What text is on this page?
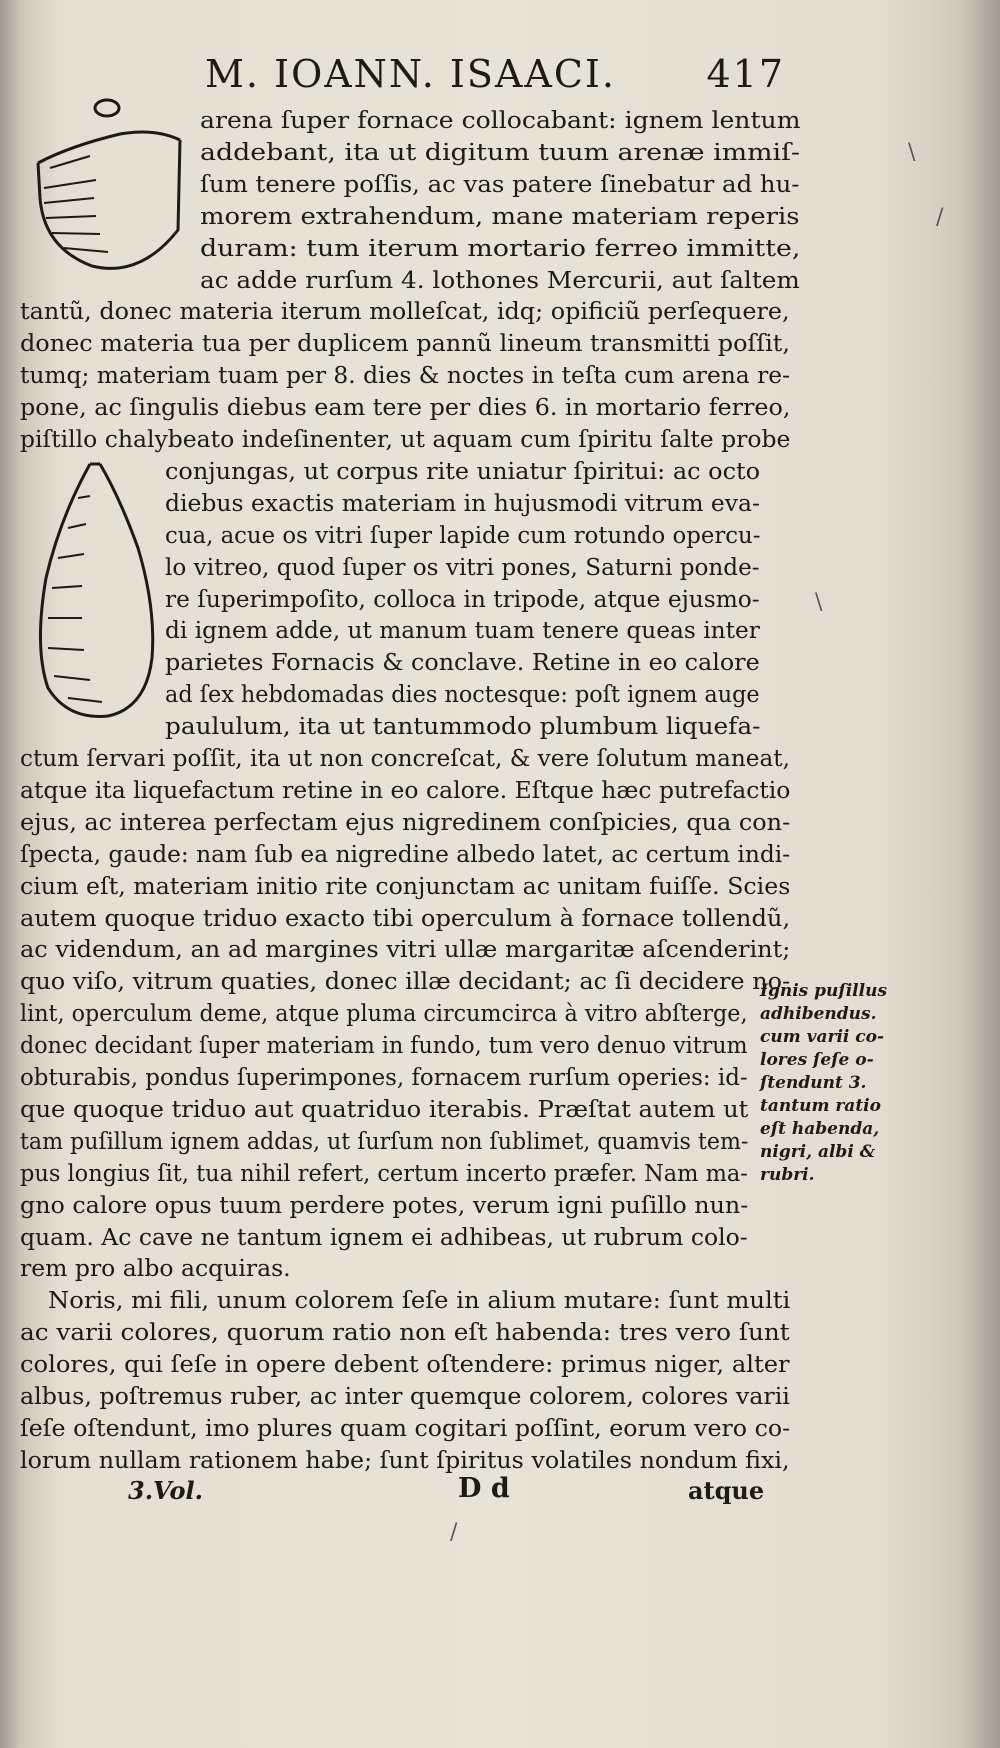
M. IOANN. ISAACI. 417
arena ſuper fornace collocabant: ignem lentum
addebant, ita ut digitum tuum arenæ immiſ-
ſum tenere poſſis, ac vas patere ſinebatur ad hu-
morem extrahendum, mane materiam reperis
duram: tum iterum mortario ferreo immitte,
ac adde rurſum 4. lothones Mercurii, aut ſaltem
tantũ, donec materia iterum molleſcat, idq; opificiũ perſequere,
donec materia tua per duplicem pannũ lineum transmitti poſſit,
tumq; materiam tuam per 8. dies & noctes in teſta cum arena re-
pone, ac ſingulis diebus eam tere per dies 6. in mortario ferreo,
piſtillo chalybeato indeſinenter, ut aquam cum ſpiritu ſalte probe
conjungas, ut corpus rite uniatur ſpiritui: ac octo
diebus exactis materiam in hujusmodi vitrum eva-
cua, acue os vitri ſuper lapide cum rotundo opercu-
lo vitreo, quod ſuper os vitri pones, Saturni ponde-
re ſuperimpoſito, colloca in tripode, atque ejusmo-
di ignem adde, ut manum tuam tenere queas inter
parietes Fornacis & conclave. Retine in eo calore
ad ſex hebdomadas dies noctesque: poſt ignem auge
paululum, ita ut tantummodo plumbum liquefa-
ctum ſervari poſſit, ita ut non concreſcat, & vere ſolutum maneat,
atque ita liquefactum retine in eo calore. Eſtque hæc putrefactio
ejus, ac interea perfectam ejus nigredinem conſpicies, qua con-
ſpecta, gaude: nam ſub ea nigredine albedo latet, ac certum indi-
cium eſt, materiam initio rite conjunctam ac unitam fuiſſe. Scies
autem quoque triduo exacto tibi operculum à fornace tollendũ,
ac videndum, an ad margines vitri ullæ margaritæ aſcenderint;
quo viſo, vitrum quaties, donec illæ decidant; ac ſi decidere no-
lint, operculum deme, atque pluma circumcirca à vitro abſterge,
donec decidant ſuper materiam in fundo, tum vero denuo vitrum
obturabis, pondus ſuperimpones, fornacem rurſum operies: id-
que quoque triduo aut quatriduo iterabis. Præſtat autem ut
tam puſillum ignem addas, ut ſurſum non ſublimet, quamvis tem-
pus longius ſit, tua nihil refert, certum incerto præfer. Nam ma-
gno calore opus tuum perdere potes, verum igni puſillo nun-
quam. Ac cave ne tantum ignem ei adhibeas, ut rubrum colo-
rem pro albo acquiras.
Noris, mi fili, unum colorem ſeſe in alium mutare: ſunt multi
ac varii colores, quorum ratio non eſt habenda: tres vero ſunt
colores, qui ſeſe in opere debent oſtendere: primus niger, alter
albus, poſtremus ruber, ac inter quemque colorem, colores varii
ſeſe oſtendunt, imo plures quam cogitari poſſint, eorum vero co-
lorum nullam rationem habe; ſunt ſpiritus volatiles nondum fixi,
Ignis puſillus
adhibendus.
cum varii co-
lores ſeſe o-
ſtendunt 3.
tantum ratio
eſt habenda,
nigri, albi &
rubri.
3.Vol.	D d	atque
\
/
\
/
